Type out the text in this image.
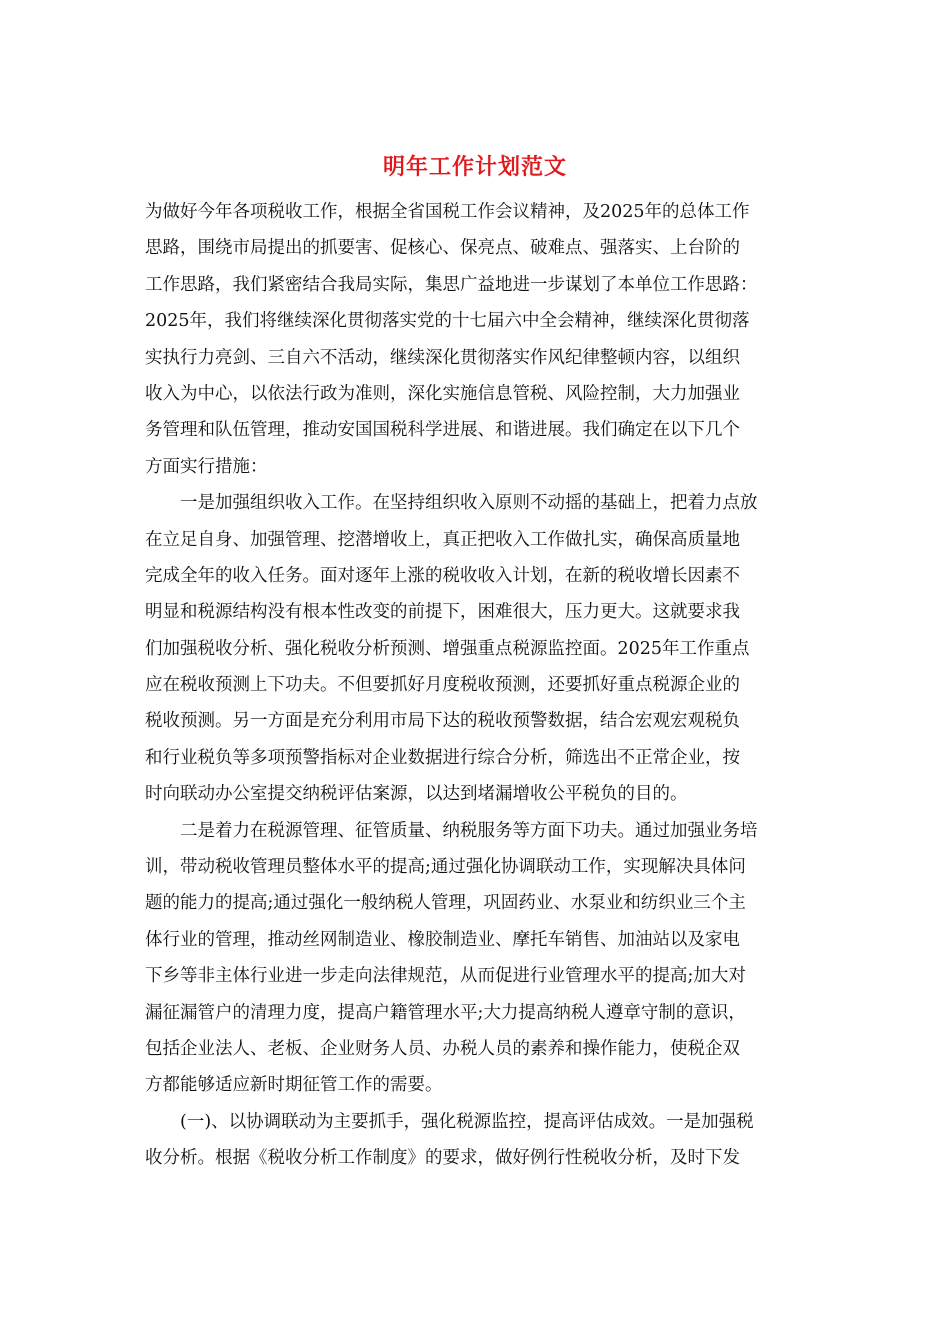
明年工作计划范文
为做好今年各项税收工作，根据全省国税工作会议精神，及2025年的总体工作
思路，围绕市局提出的抓要害、促核心、保亮点、破难点、强落实、上台阶的
工作思路，我们紧密结合我局实际，集思广益地进一步谋划了本单位工作思路：
2025年，我们将继续深化贯彻落实党的十七届六中全会精神，继续深化贯彻落
实执行力亮剑、三自六不活动，继续深化贯彻落实作风纪律整顿内容，以组织
收入为中心，以依法行政为准则，深化实施信息管税、风险控制，大力加强业
务管理和队伍管理，推动安国国税科学进展、和谐进展。我们确定在以下几个
方面实行措施：
一是加强组织收入工作。在坚持组织收入原则不动摇的基础上，把着力点放
在立足自身、加强管理、挖潜增收上，真正把收入工作做扎实，确保高质量地
完成全年的收入任务。面对逐年上涨的税收收入计划，在新的税收增长因素不
明显和税源结构没有根本性改变的前提下，困难很大，压力更大。这就要求我
们加强税收分析、强化税收分析预测、增强重点税源监控面。2025年工作重点
应在税收预测上下功夫。不但要抓好月度税收预测，还要抓好重点税源企业的
税收预测。另一方面是充分利用市局下达的税收预警数据，结合宏观宏观税负
和行业税负等多项预警指标对企业数据进行综合分析，筛选出不正常企业，按
时向联动办公室提交纳税评估案源，以达到堵漏增收公平税负的目的。
二是着力在税源管理、征管质量、纳税服务等方面下功夫。通过加强业务培
训，带动税收管理员整体水平的提高;通过强化协调联动工作，实现解决具体问
题的能力的提高;通过强化一般纳税人管理，巩固药业、水泵业和纺织业三个主
体行业的管理，推动丝网制造业、橡胶制造业、摩托车销售、加油站以及家电
下乡等非主体行业进一步走向法律规范，从而促进行业管理水平的提高;加大对
漏征漏管户的清理力度，提高户籍管理水平;大力提高纳税人遵章守制的意识，
包括企业法人、老板、企业财务人员、办税人员的素养和操作能力，使税企双
方都能够适应新时期征管工作的需要。
(一)、以协调联动为主要抓手，强化税源监控，提高评估成效。一是加强税
收分析。根据《税收分析工作制度》的要求，做好例行性税收分析，及时下发
